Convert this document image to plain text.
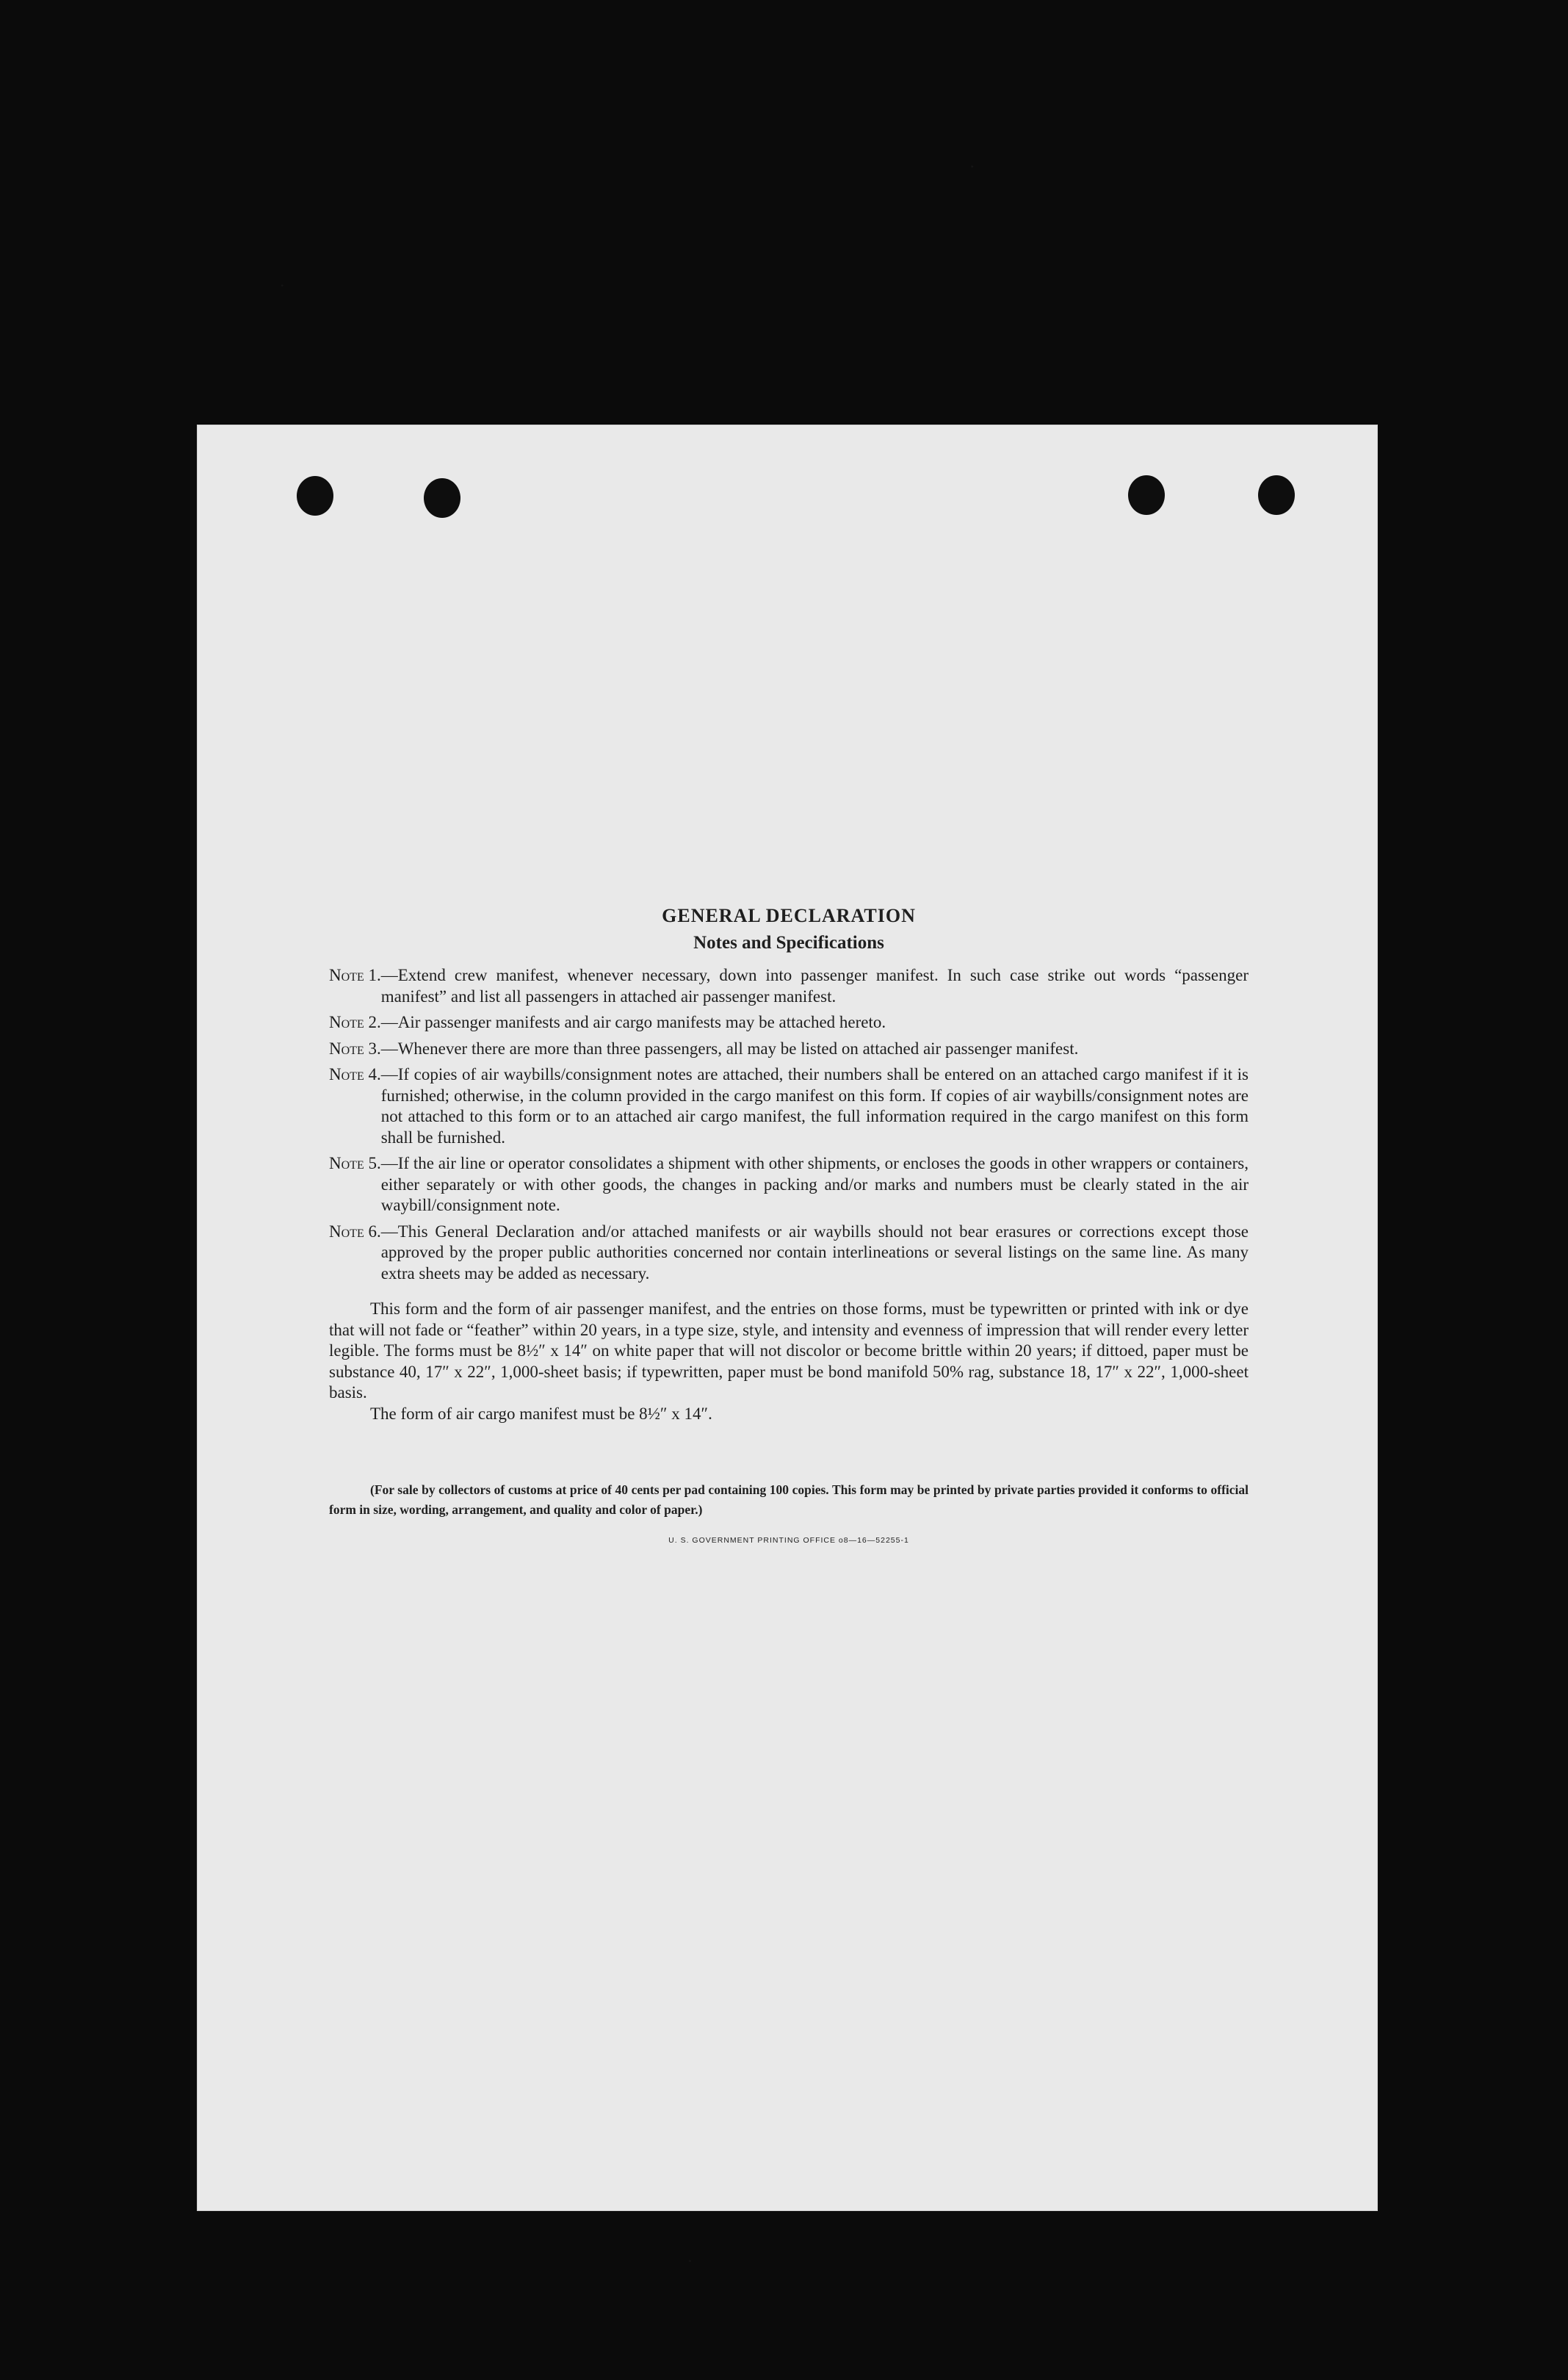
GENERAL DECLARATION
Notes and Specifications
Note 1. —Extend crew manifest, whenever necessary, down into passenger manifest. In such case strike out words “passenger manifest” and list all passengers in attached air passenger manifest.
Note 2. —Air passenger manifests and air cargo manifests may be attached hereto.
Note 3. —Whenever there are more than three passengers, all may be listed on attached air passenger manifest.
Note 4. —If copies of air waybills/consignment notes are attached, their numbers shall be entered on an attached cargo manifest if it is furnished; otherwise, in the column provided in the cargo manifest on this form. If copies of air waybills/consignment notes are not attached to this form or to an attached air cargo manifest, the full information required in the cargo manifest on this form shall be furnished.
Note 5. —If the air line or operator consolidates a shipment with other shipments, or encloses the goods in other wrappers or containers, either separately or with other goods, the changes in packing and/or marks and numbers must be clearly stated in the air waybill/consignment note.
Note 6. —This General Declaration and/or attached manifests or air waybills should not bear erasures or corrections except those approved by the proper public authorities concerned nor contain interlineations or several listings on the same line. As many extra sheets may be added as necessary.

This form and the form of air passenger manifest, and the entries on those forms, must be typewritten or printed with ink or dye that will not fade or “feather” within 20 years, in a type size, style, and intensity and evenness of impression that will render every letter legible. The forms must be 8½″ x 14″ on white paper that will not discolor or become brittle within 20 years; if dittoed, paper must be substance 40, 17″ x 22″, 1,000-sheet basis; if typewritten, paper must be bond manifold 50% rag, substance 18, 17″ x 22″, 1,000-sheet basis.

The form of air cargo manifest must be 8½″ x 14″.

(For sale by collectors of customs at price of 40 cents per pad containing 100 copies. This form may be printed by private parties provided it conforms to official form in size, wording, arrangement, and quality and color of paper.)

U. S. GOVERNMENT PRINTING OFFICE o8—16—52255-1
